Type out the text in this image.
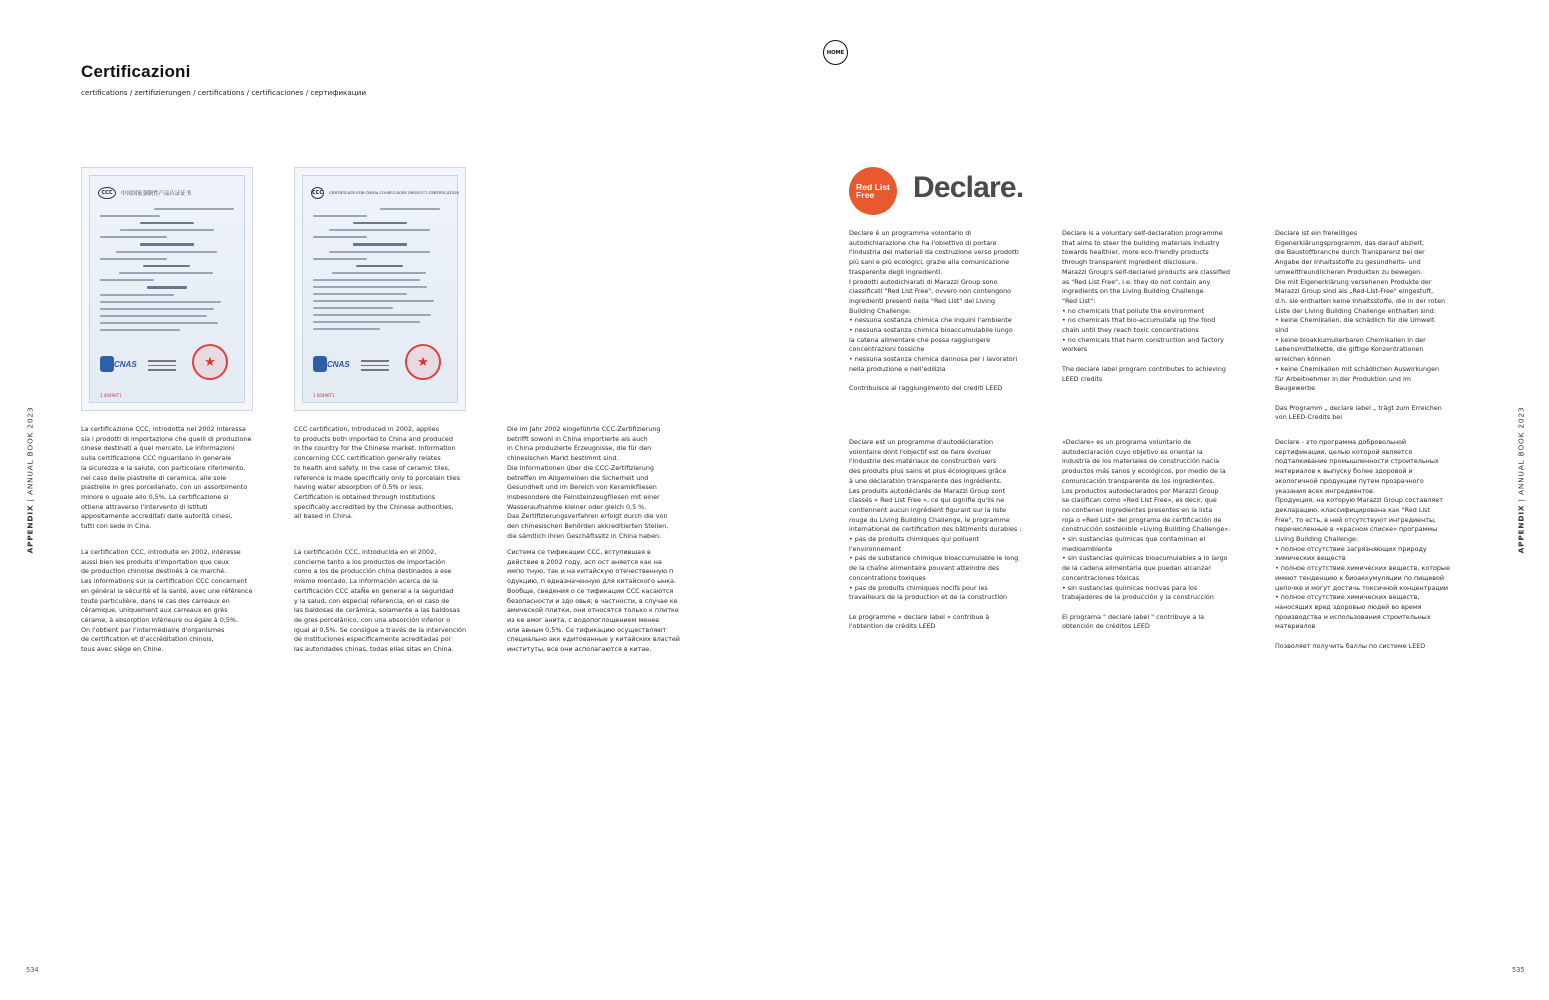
Certificazioni
certifications / zertifizierungen / certifications / certificaciones / сертификации
HOME
APPENDIX | ANNUAL BOOK 2023
APPENDIX | ANNUAL BOOK 2023
534	535
CCC	中国国家强制性产品认证证书
CNAS	★
1 00490T1
CCC CERTIFICATE FOR CHINA COMPULSORY PRODUCT CERTIFICATION
CNAS	★
1 00490T1
La certificazione CCC, introdotta nel 2002 interessa
sia i prodotti di importazione che quelli di produzione
cinese destinati a quel mercato. Le informazioni
sulla certificazione CCC riguardano in generale
la sicurezza e la salute, con particolare riferimento,
nel caso delle piastrelle di ceramica, alle sole
piastrelle in gres porcellanato, con un assorbimento
minore o uguale allo 0,5%. La certificazione si
ottiene attraverso l'intervento di istituti
appositamente accreditati dalle autorità cinesi,
tutti con sede in Cina.
CCC certification, introduced in 2002, applies
to products both imported to China and produced
in the country for the Chinese market. Information
concerning CCC certification generally relates
to health and safety. In the case of ceramic tiles,
reference is made specifically only to porcelain tiles
having water absorption of 0.5% or less.
Certification is obtained through institutions
specifically accredited by the Chinese authorities,
all based in China.
Die im Jahr 2002 eingeführte CCC-Zertifizierung
betrifft sowohl in China importierte als auch
in China produzierte Erzeugnisse, die für den
chinesischen Markt bestimmt sind.
Die Informationen über die CCC-Zertifizierung
betreffen im Allgemeinen die Sicherheit und
Gesundheit und im Bereich von Keramikfliesen
insbesondere die Feinsteinzeugfliesen mit einer
Wasseraufnahme kleiner oder gleich 0,5 %.
Das Zertifizierungsverfahren erfolgt durch die von
den chinesischen Behörden akkreditierten Stellen,
die sämtlich ihren Geschäftssitz in China haben.
La certification CCC, introduite en 2002, intéresse
aussi bien les produits d'importation que ceux
de production chinoise destinés à ce marché.
Les informations sur la certification CCC concernent
en général la sécurité et la santé, avec une référence
toute particulière, dans le cas des carreaux en
céramique, uniquement aux carreaux en grès
cérame, à absorption inférieure ou égale à 0,5%.
On l'obtient par l'intermédiaire d'organismes
de certification et d'accréditation chinois,
tous avec siège en Chine.
La certificación CCC, introducida en el 2002,
concierne tanto a los productos de importación
como a los de producción china destinados a ese
mismo mercado. La información acerca de la
certificación CCC ataÑe en general a la seguridad
y la salud, con especial referencia, en el caso de
las baldosas de cerámica, solamente a las baldosas
de gres porcelánico, con una absorción inferior o
igual al 0,5%. Se consigue a través de la intervención
de instituciones específicamente acreditadas por
las autoridades chinas, todas ellas sitas en China.
Система се тификации CCC, вступившая в
действие в 2002 году, асп ост аняется как на
импо тную, так и на китайскую отечественную п
одукцию, п едназначенную для китайского ынка.
Вообще, сведения о се тификации CCC касаются
безопасности и здо овья; в частности, в случае ке
амической плитки, они относятся только к плитке
из ке амог анита, с водопоглощением менее
или авным 0,5%. Се тификацию осуществляют
специально акк едитованные у китайских властей
институты, все они асполагаются в китае.
Red List
Free	Declare.
Declare è un programma volontario di
autodichiarazione che ha l'obiettivo di portare
l'industria dei materiali da costruzione verso prodotti
più sani e più ecologici, grazie alla comunicazione
trasparente degli ingredienti.
I prodotti autodichiarati di Marazzi Group sono
classificati "Red List Free", ovvero non contengono
ingredienti presenti nella "Red List" del Living
Building Challenge:
• nessuna sostanza chimica che inquini l'ambiente
• nessuna sostanza chimica bioaccumulabile lungo
la catena alimentare che possa raggiungere
concentrazioni tossiche
• nessuna sostanza chimica dannosa per i lavoratori
nella produzione e nell'edilizia

Contribuisce al raggiungimento dei crediti LEED
Declare is a voluntary self-declaration programme
that aims to steer the building materials industry
towards healthier, more eco-friendly products
through transparent ingredient disclosure.
Marazzi Group's self-declared products are classified
as "Red List Free", i.e. they do not contain any
ingredients on the Living Building Challenge
"Red List":
• no chemicals that pollute the environment
• no chemicals that bio-accumulate up the food
chain until they reach toxic concentrations
• no chemicals that harm construction and factory
workers

The declare label program contributes to achieving
LEED credits
Declare ist ein freiwilliges
Eigenerklärungsprogramm, das darauf abzielt,
die Baustoffbranche durch Transparenz bei der
Angabe der Inhaltsstoffe zu gesundheits- und
umweltfreundlicheren Produkten zu bewegen.
Die mit Eigenerklärung versehenen Produkte der
Marazzi Group sind als „Red-List-Free" eingestuft,
d.h. sie enthalten keine Inhaltsstoffe, die in der roten
Liste der Living Building Challenge enthalten sind:
• keine Chemikalien, die schädlich für die Umwelt
sind
• keine bioakkumulierbaren Chemikalien in der
Lebensmittelkette, die giftige Konzentrationen
erreichen können
• keine Chemikalien mit schädlichen Auswirkungen
für Arbeitnehmer in der Produktion und im
Baugewerbe

Das Programm „ declare label „ trägt zum Erreichen
von LEED-Credits bei
Declare est un programme d'autodéclaration
volontaire dont l'objectif est de faire évoluer
l'industrie des matériaux de construction vers
des produits plus sains et plus écologiques grâce
à une déclaration transparente des ingrédients.
Les produits autodéclarés de Marazzi Group sont
classés « Red List Free », ce qui signifie qu'ils ne
contiennent aucun ingrédient figurant sur la liste
rouge du Living Building Challenge, le programme
international de certification des bâtiments durables :
• pas de produits chimiques qui polluent
l'environnement
• pas de substance chimique bioaccumulable le long
de la chaîne alimentaire pouvant atteindre des
concentrations toxiques
• pas de produits chimiques nocifs pour les
travailleurs de la production et de la construction

Le programme « declare label » contribue à
l'obtention de crédits LEED
«Declare» es un programa voluntario de
autodeclaración cuyo objetivo es orientar la
industria de los materiales de construcción hacia
productos más sanos y ecológicos, por medio de la
comunicación transparente de los ingredientes.
Los productos autodeclarados por Marazzi Group
se clasifican como «Red List Free», es decir, que
no contienen ingredientes presentes en la lista
roja o «Red List» del programa de certificación de
construcción sostenible «Living Building Challenge»:
• sin sustancias químicas que contaminan el
medioambiente
• sin sustancias químicas bioacumulables a lo largo
de la cadena alimentaria que puedan alcanzar
concentraciones tóxicas
• sin sustancias químicas nocivas para los
trabajadores de la producción y la construcción

El programa " declare label " contribuye a la
obtención de créditos LEED
Declare - это программа добровольной
сертификации, целью которой является
подталкивание промышленности строительных
материалов к выпуску более здоровой и
экологичной продукции путем прозрачного
указания всех ингредиентов.
Продукция, на которую Marazzi Group составляет
декларацию, классифицирована как "Red List
Free", то есть, в ней отсутствуют ингредиенты,
перечисленные в «красном списке» программы
Living Building Challenge:
• полное отсутствие загрязняющих природу
химических веществ
• полное отсутствие химических веществ, которые
имеют тенденцию к биоаккумуляции по пищевой
цепочке и могут достичь токсичной концентрации
• полное отсутствие химических веществ,
наносящих вред здоровью людей во время
производства и использования строительных
материалов

Позволяет получить баллы по системе LEED
